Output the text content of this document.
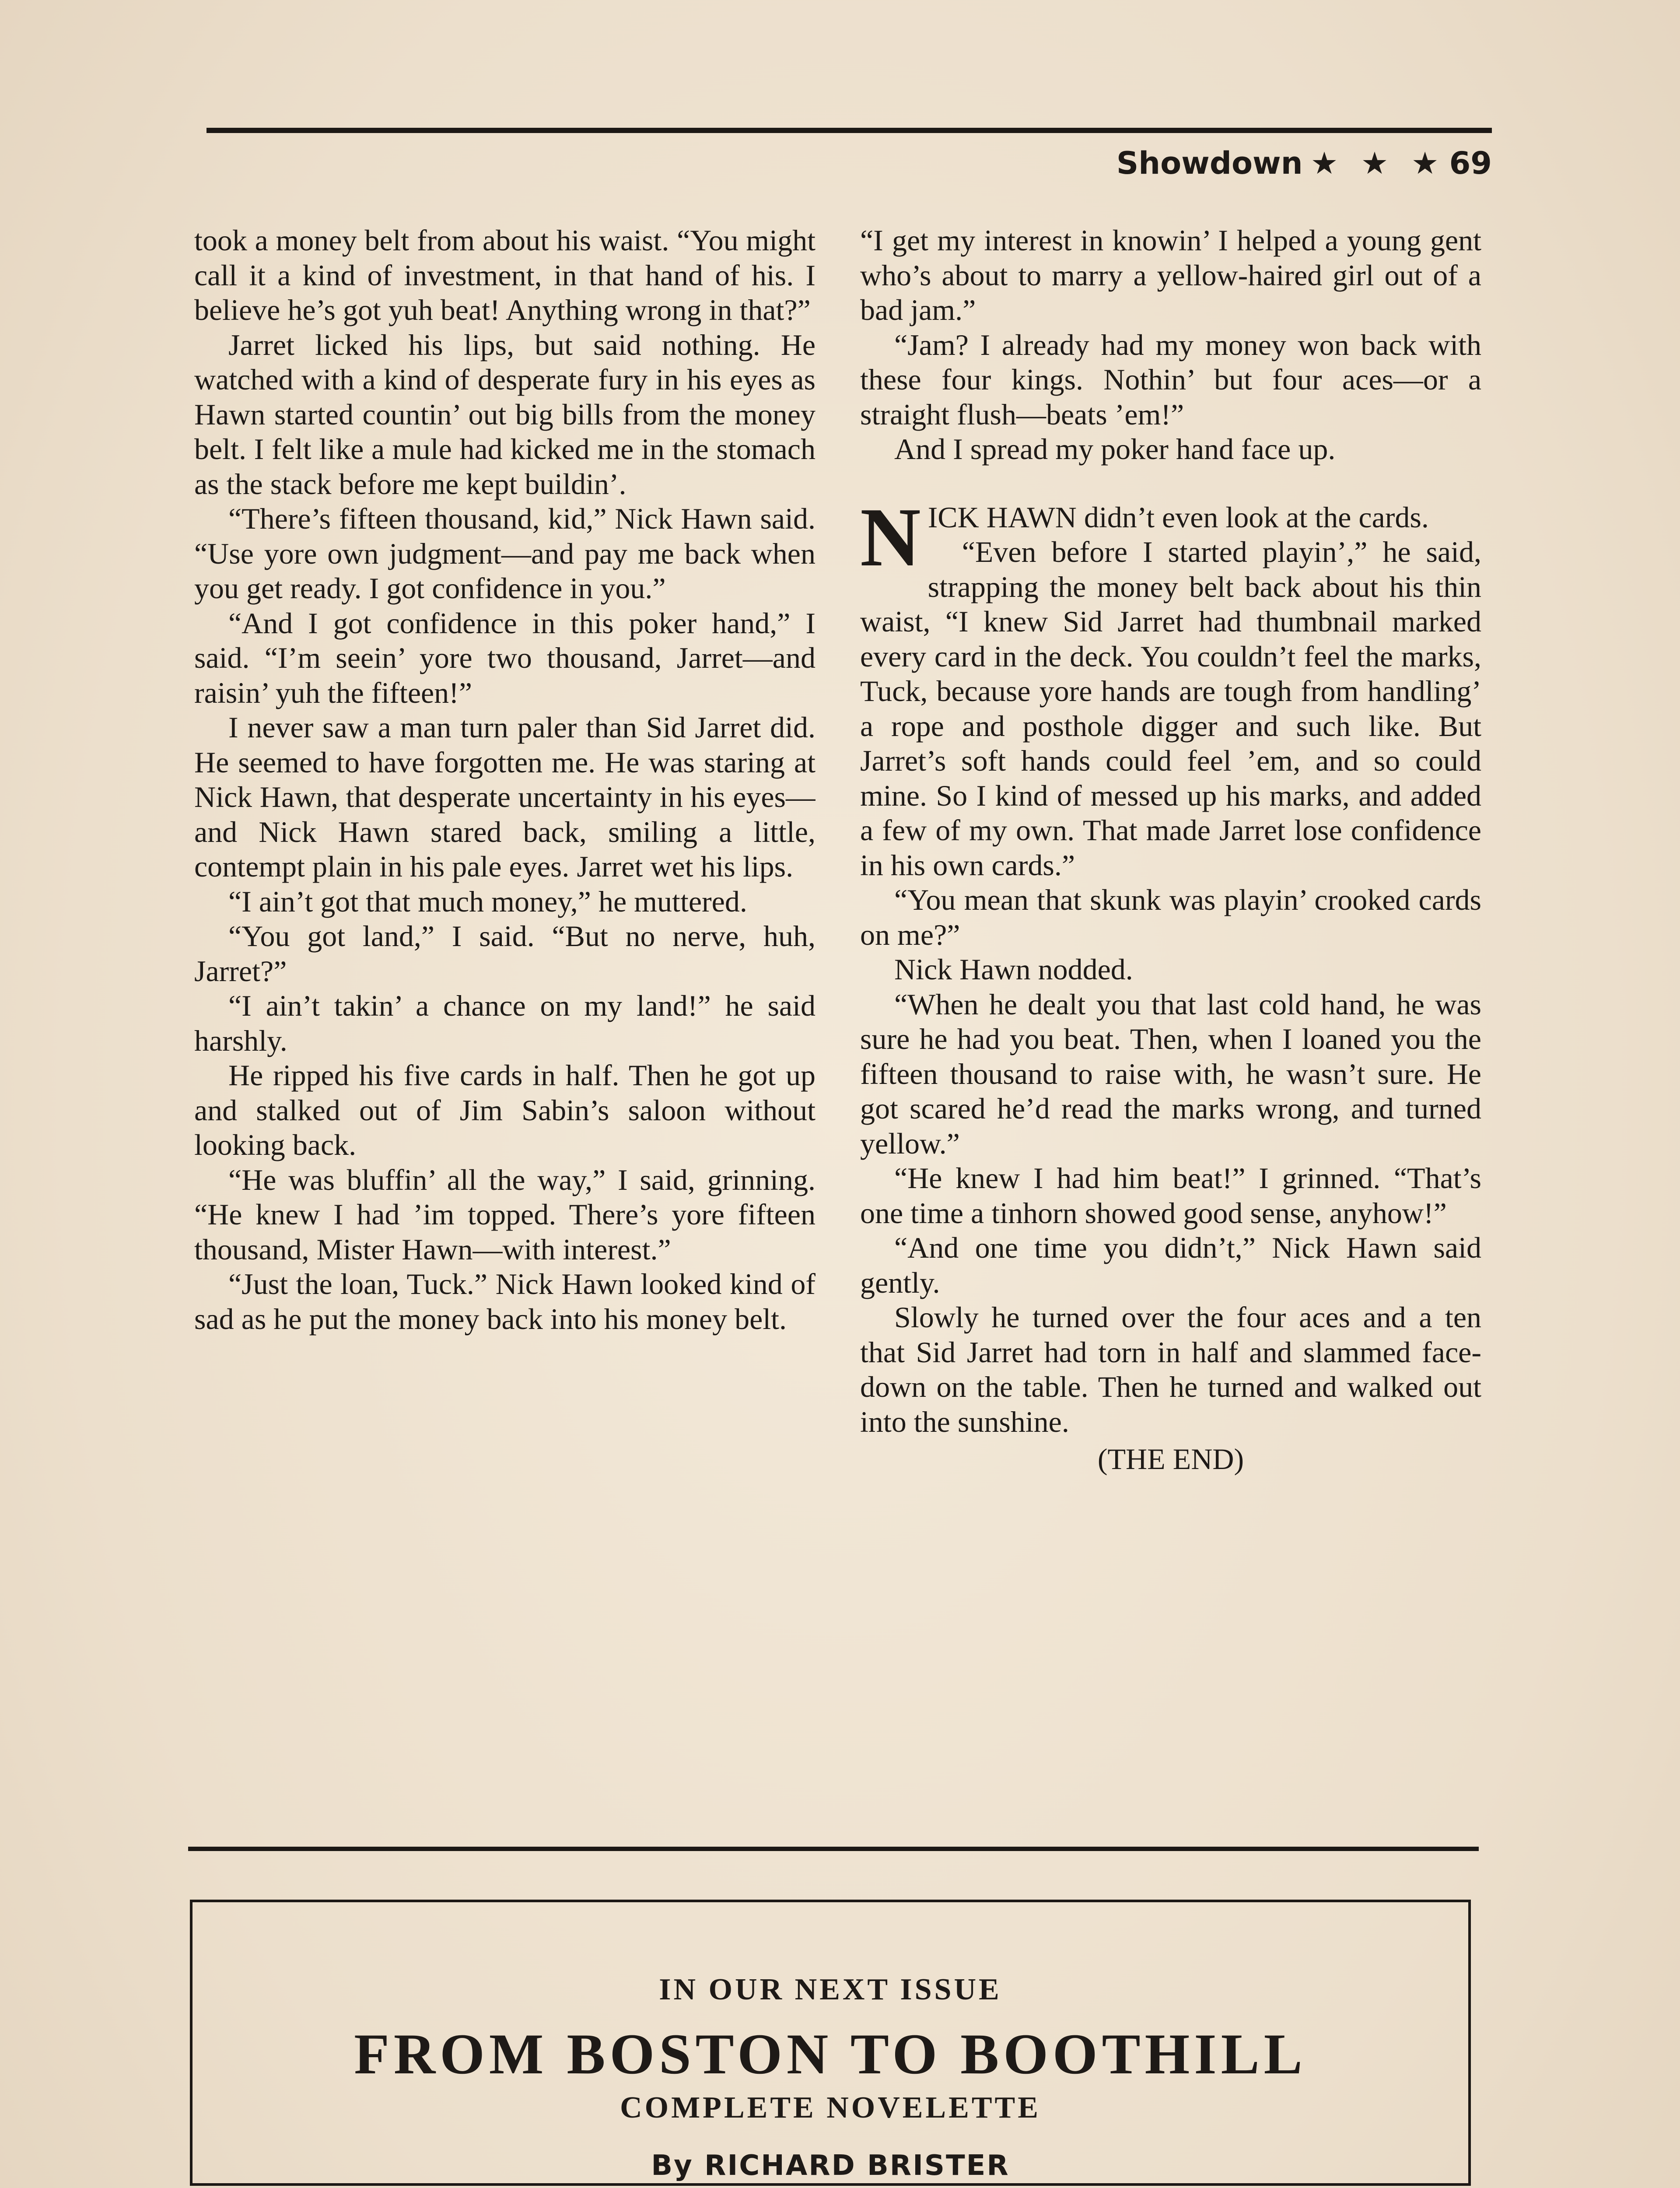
Showdown ★ ★ ★ 69

took a money belt from about his waist. “You might call it a kind of investment, in that hand of his. I believe he’s got yuh beat! Anything wrong in that?”

Jarret licked his lips, but said nothing. He watched with a kind of desperate fury in his eyes as Hawn started countin’ out big bills from the money belt. I felt like a mule had kicked me in the stomach as the stack before me kept buildin’.

“There’s fifteen thousand, kid,” Nick Hawn said. “Use yore own judgment—and pay me back when you get ready. I got confidence in you.”

“And I got confidence in this poker hand,” I said. “I’m seein’ yore two thousand, Jarret—and raisin’ yuh the fifteen!”

I never saw a man turn paler than Sid Jarret did. He seemed to have forgotten me. He was staring at Nick Hawn, that desperate uncertainty in his eyes—and Nick Hawn stared back, smiling a little, contempt plain in his pale eyes. Jarret wet his lips.

“I ain’t got that much money,” he muttered.

“You got land,” I said. “But no nerve, huh, Jarret?”

“I ain’t takin’ a chance on my land!” he said harshly.

He ripped his five cards in half. Then he got up and stalked out of Jim Sabin’s saloon without looking back.

“He was bluffin’ all the way,” I said, grinning. “He knew I had ’im topped. There’s yore fifteen thousand, Mister Hawn—with interest.”

“Just the loan, Tuck.” Nick Hawn looked kind of sad as he put the money back into his money belt.

“I get my interest in knowin’ I helped a young gent who’s about to marry a yellow-haired girl out of a bad jam.”

“Jam? I already had my money won back with these four kings. Nothin’ but four aces—or a straight flush—beats ’em!”

And I spread my poker hand face up.

NICK HAWN didn’t even look at the cards.

“Even before I started playin’,” he said, strapping the money belt back about his thin waist, “I knew Sid Jarret had thumbnail marked every card in the deck. You couldn’t feel the marks, Tuck, because yore hands are tough from handling’ a rope and posthole digger and such like. But Jarret’s soft hands could feel ’em, and so could mine. So I kind of messed up his marks, and added a few of my own. That made Jarret lose confidence in his own cards.”

“You mean that skunk was playin’ crooked cards on me?”

Nick Hawn nodded.

“When he dealt you that last cold hand, he was sure he had you beat. Then, when I loaned you the fifteen thousand to raise with, he wasn’t sure. He got scared he’d read the marks wrong, and turned yellow.”

“He knew I had him beat!” I grinned. “That’s one time a tinhorn showed good sense, anyhow!”

“And one time you didn’t,” Nick Hawn said gently.

Slowly he turned over the four aces and a ten that Sid Jarret had torn in half and slammed face-down on the table. Then he turned and walked out into the sunshine.

(THE END)

IN OUR NEXT ISSUE
FROM BOSTON TO BOOTHILL
COMPLETE NOVELETTE
By RICHARD BRISTER
